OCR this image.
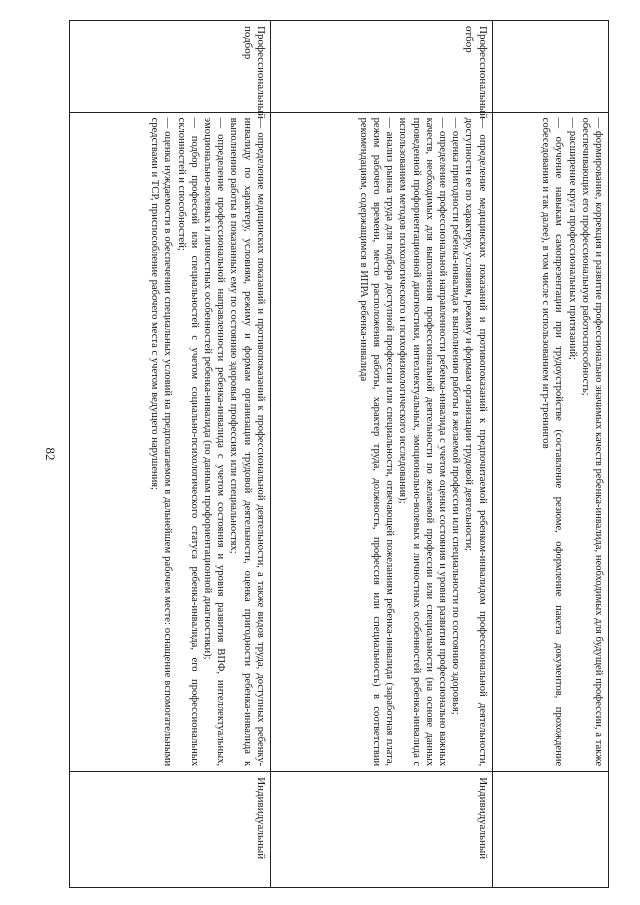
82

	— формирование, коррекция и развитие профессионально значимых качеств ребенка-инвалида, необходимых для будущей профессии, а также обеспечивающих его профессиональную работоспособность;
— расширение круга профессиональных притязаний;
— обучение навыкам самопрезентации при трудоустройстве (составление резюме, оформление пакета документов, прохождение собеседования и так далее), в том числе с использованием игр-тренингов	

Профессиональный отбор	— определение медицинских показаний и противопоказаний к предпочитаемой ребенком-инвалидом профессиональной деятельности, доступности ее по характеру, условиям, режиму и формам организации трудовой деятельности;
— оценка пригодности ребенка-инвалида к выполнению работы в желаемой профессии или специальности по состоянию здоровья;
— определение профессиональной направленности ребенка-инвалида с учетом оценки состояния и уровня развития профессионально важных качеств, необходимых для выполнения профессиональной деятельности по желаемой профессии или специальности (на основе данных проведенной профориентационной диагностики, интеллектуальных, эмоционально-волевых и личностных особенностей ребенка-инвалида с использованием методов психологического и психофизиологического исследования);
— анализ рынка труда для подбора доступной профессии или специальности, отвечающей пожеланиям ребенка-инвалида (заработная плата, режим рабочего времени, место расположения работы, характер труда, должность, профессия или специальность) в соответствии рекомендациям, содержащимся в ИПРА ребенка-инвалида	Индивидуальный
Профессиональный подбор	— определение медицинских показаний и противопоказаний к профессиональной деятельности, а также видов труда, доступных ребенку-инвалиду по характеру, условиям, режиму и формам организации трудовой деятельности, оценка пригодности ребенка-инвалида к выполнению работы в показанных ему по состоянию здоровья профессиях или специальностях;
— определение профессиональной направленности ребенка-инвалида с учетом состояния и уровня развития ВПФ, интеллектуальных, эмоционально-волевых и личностных особенностей ребенка-инвалида (по данным профориентационной диагностики);
— подбор профессий или специальностей с учетом социально-психологического статуса ребенка-инвалида, его профессиональных склонностей и способностей;
— оценка нуждаемости в обеспечении специальных условий на предполагаемом в дальнейшем рабочем месте: оснащение вспомогательными средствами и ТСР, приспособление рабочего места с учетом ведущего нарушения;	Индивидуальный
